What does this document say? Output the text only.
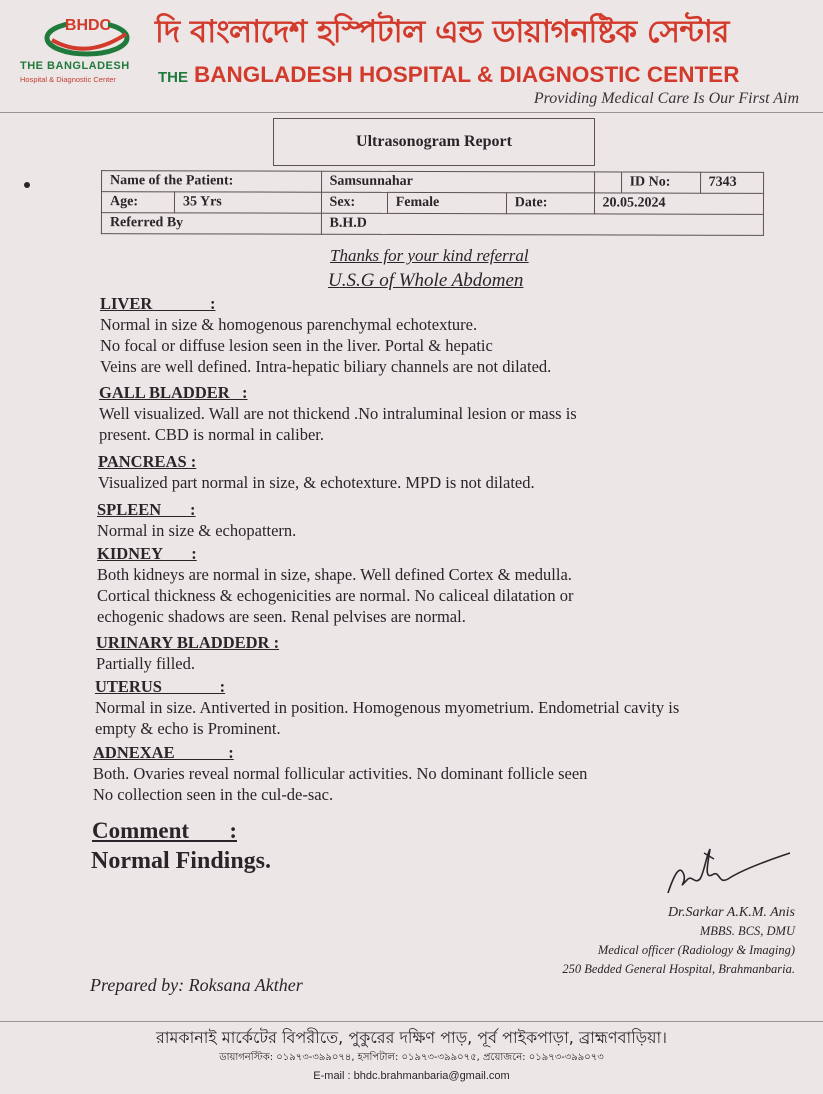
BHDC
THE BANGLADESH
Hospital & Diagnostic Center
দি বাংলাদেশ হস্পিটাল এন্ড ডায়াগনষ্টিক সেন্টার
THE BANGLADESH HOSPITAL & DIAGNOSTIC CENTER
Providing Medical Care Is Our First Aim
Ultrasonogram Report
Name of the Patient:		Samsunnahar				ID No:	7343
Age:	35 Yrs	Sex:	Female	Date:	20.05.2024		
Referred By		B.H.D					
Thanks for your kind referral
U.S.G of Whole Abdomen
LIVER              :
Normal in size & homogenous parenchymal echotexture.
No focal or diffuse lesion seen in the liver. Portal & hepatic
Veins are well defined. Intra-hepatic biliary channels are not dilated.
GALL BLADDER   :
Well visualized. Wall are not thickend .No intraluminal lesion or mass is
present. CBD is normal in caliber.
PANCREAS :
Visualized part normal in size, & echotexture. MPD is not dilated.
SPLEEN       :
Normal in size & echopattern.
KIDNEY       :
Both kidneys are normal in size, shape. Well defined Cortex & medulla.
Cortical thickness & echogenicities are normal. No caliceal dilatation or
echogenic shadows are seen. Renal pelvises are normal.
URINARY BLADDEDR :
Partially filled.
UTERUS              :
Normal in size. Antiverted in position. Homogenous myometrium. Endometrial cavity is
empty & echo is Prominent.
ADNEXAE             :
Both. Ovaries reveal normal follicular activities. No dominant follicle seen
No collection seen in the cul-de-sac.
Comment       :
Normal Findings.
Dr.Sarkar A.K.M. Anis
MBBS. BCS, DMU
Medical officer (Radiology & Imaging)
250 Bedded General Hospital, Brahmanbaria.
Prepared by: Roksana Akther
রামকানাই মার্কেটের বিপরীতে, পুকুরের দক্ষিণ পাড়, পূর্ব পাইকপাড়া, ব্রাহ্মণবাড়িয়া।
ডায়াগনস্টিক: ০১৯৭৩-৩৯৯০৭৪, হসপিটাল: ০১৯৭৩-৩৯৯০৭৫, প্রয়োজনে: ০১৯৭৩-৩৯৯০৭৩
E-mail : bhdc.brahmanbaria@gmail.com
